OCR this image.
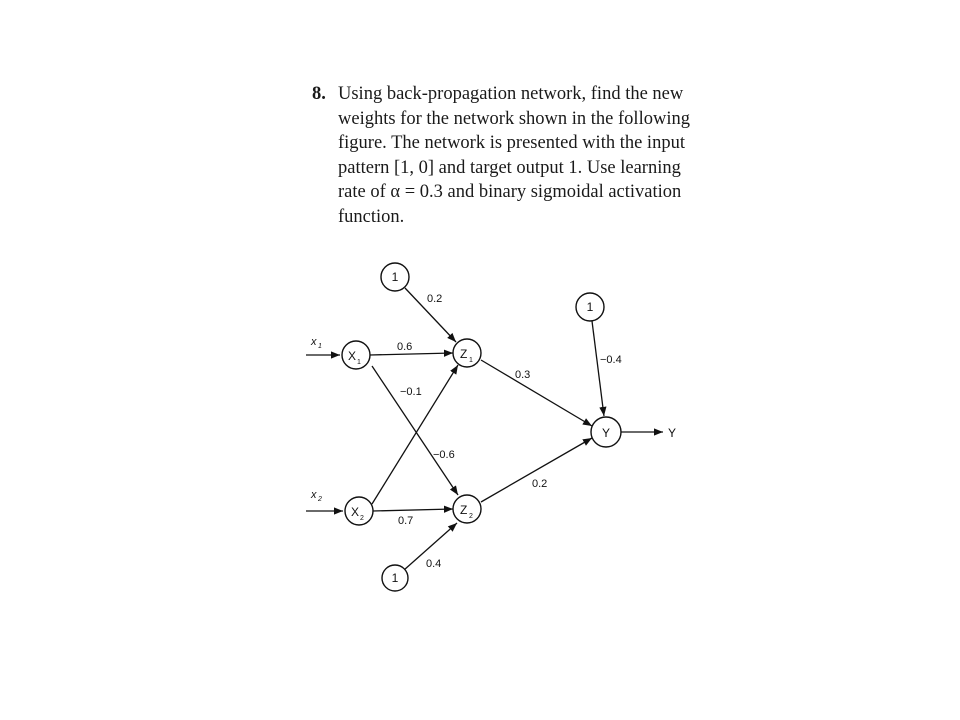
8. Using back-propagation network, find the new
weights for the network shown in the following
figure. The network is presented with the input
pattern [1, 0] and target output 1. Use learning
rate of α = 0.3 and binary sigmoidal activation
function.
1
1
1
Y
X 1
X 2
Z 1
Z 2
x 1
x 2
Y
0.2
0.6
−0.1
−0.6
0.7
0.4
0.3
0.2
−0.4
